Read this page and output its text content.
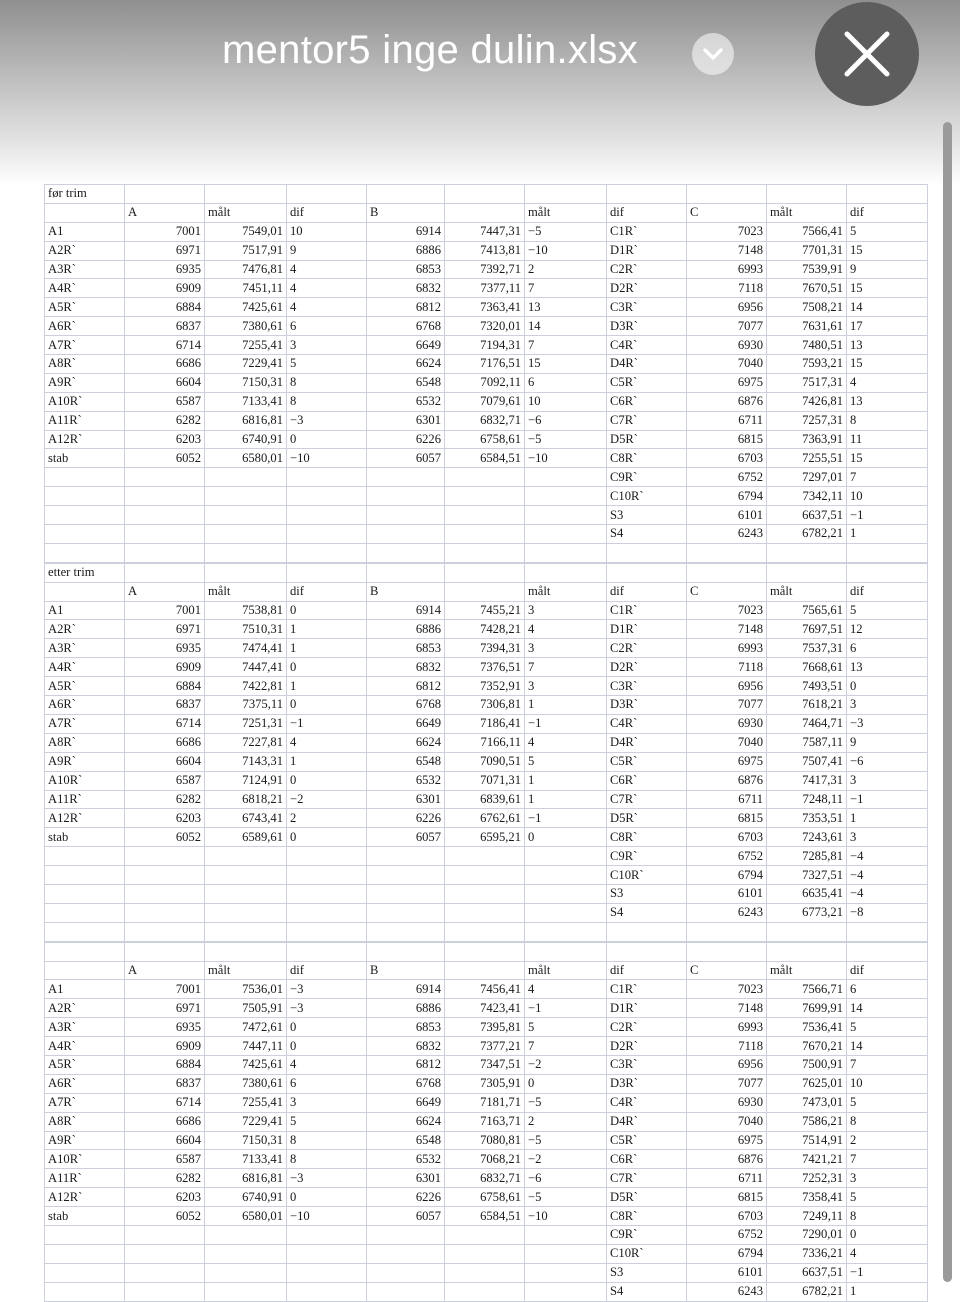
mentor5 inge dulin.xlsx
før trim										
	A	målt	dif	B		målt	dif	C	målt	dif
A1	7001	7549,01	10	6914	7447,31	−5	C1R`	7023	7566,41	5
A2R`	6971	7517,91	9	6886	7413,81	−10	D1R`	7148	7701,31	15
A3R`	6935	7476,81	4	6853	7392,71	2	C2R`	6993	7539,91	9
A4R`	6909	7451,11	4	6832	7377,11	7	D2R`	7118	7670,51	15
A5R`	6884	7425,61	4	6812	7363,41	13	C3R`	6956	7508,21	14
A6R`	6837	7380,61	6	6768	7320,01	14	D3R`	7077	7631,61	17
A7R`	6714	7255,41	3	6649	7194,31	7	C4R`	6930	7480,51	13
A8R`	6686	7229,41	5	6624	7176,51	15	D4R`	7040	7593,21	15
A9R`	6604	7150,31	8	6548	7092,11	6	C5R`	6975	7517,31	4
A10R`	6587	7133,41	8	6532	7079,61	10	C6R`	6876	7426,81	13
A11R`	6282	6816,81	−3	6301	6832,71	−6	C7R`	6711	7257,31	8
A12R`	6203	6740,91	0	6226	6758,61	−5	D5R`	6815	7363,91	11
stab	6052	6580,01	−10	6057	6584,51	−10	C8R`	6703	7255,51	15
							C9R`	6752	7297,01	7
							C10R`	6794	7342,11	10
							S3	6101	6637,51	−1
							S4	6243	6782,21	1

etter trim										
	A	målt	dif	B		målt	dif	C	målt	dif
A1	7001	7538,81	0	6914	7455,21	3	C1R`	7023	7565,61	5
A2R`	6971	7510,31	1	6886	7428,21	4	D1R`	7148	7697,51	12
A3R`	6935	7474,41	1	6853	7394,31	3	C2R`	6993	7537,31	6
A4R`	6909	7447,41	0	6832	7376,51	7	D2R`	7118	7668,61	13
A5R`	6884	7422,81	1	6812	7352,91	3	C3R`	6956	7493,51	0
A6R`	6837	7375,11	0	6768	7306,81	1	D3R`	7077	7618,21	3
A7R`	6714	7251,31	−1	6649	7186,41	−1	C4R`	6930	7464,71	−3
A8R`	6686	7227,81	4	6624	7166,11	4	D4R`	7040	7587,11	9
A9R`	6604	7143,31	1	6548	7090,51	5	C5R`	6975	7507,41	−6
A10R`	6587	7124,91	0	6532	7071,31	1	C6R`	6876	7417,31	3
A11R`	6282	6818,21	−2	6301	6839,61	1	C7R`	6711	7248,11	−1
A12R`	6203	6743,41	2	6226	6762,61	−1	D5R`	6815	7353,51	1
stab	6052	6589,61	0	6057	6595,21	0	C8R`	6703	7243,61	3
							C9R`	6752	7285,81	−4
							C10R`	6794	7327,51	−4
							S3	6101	6635,41	−4
							S4	6243	6773,21	−8

	A	målt	dif	B		målt	dif	C	målt	dif
A1	7001	7536,01	−3	6914	7456,41	4	C1R`	7023	7566,71	6
A2R`	6971	7505,91	−3	6886	7423,41	−1	D1R`	7148	7699,91	14
A3R`	6935	7472,61	0	6853	7395,81	5	C2R`	6993	7536,41	5
A4R`	6909	7447,11	0	6832	7377,21	7	D2R`	7118	7670,21	14
A5R`	6884	7425,61	4	6812	7347,51	−2	C3R`	6956	7500,91	7
A6R`	6837	7380,61	6	6768	7305,91	0	D3R`	7077	7625,01	10
A7R`	6714	7255,41	3	6649	7181,71	−5	C4R`	6930	7473,01	5
A8R`	6686	7229,41	5	6624	7163,71	2	D4R`	7040	7586,21	8
A9R`	6604	7150,31	8	6548	7080,81	−5	C5R`	6975	7514,91	2
A10R`	6587	7133,41	8	6532	7068,21	−2	C6R`	6876	7421,21	7
A11R`	6282	6816,81	−3	6301	6832,71	−6	C7R`	6711	7252,31	3
A12R`	6203	6740,91	0	6226	6758,61	−5	D5R`	6815	7358,41	5
stab	6052	6580,01	−10	6057	6584,51	−10	C8R`	6703	7249,11	8
							C9R`	6752	7290,01	0
							C10R`	6794	7336,21	4
							S3	6101	6637,51	−1
							S4	6243	6782,21	1
